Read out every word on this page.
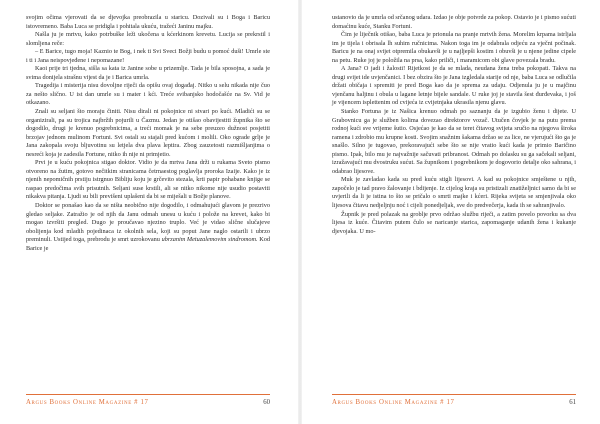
svojim očima vjerovati da se djevojka preobrazila u staricu. Dozivali su i Boga i Baricu istovremeno. Baba Luca se pridigla i pohitala ukuću, tražeći Janinu majku.

Našla ju je mrtvu, kako potrbuške leži ukočena u kćerkinom krevetu. Lucija se prekrstil i slomljena reče:

– E Barice, tugo moja! Kaznio te Bog, i nek ti Svi Sveci Božji budu u pomoć duši! Umrle ste i ti i Jana neispovjeđene i nepomazane!

Kaoi prije tri tjedna, sišla sa kata iz Janine sobe u prizemlje. Tada je bila sposojna, a sada je svima donijela strašnu vijest da je i Barica umrla.

Tragedija i misterija nisu dovoljne riječi da opišu ovaj događaj. Nitko u selu nikada nije čuo za nešto slično. U ist dan umrle su i mater i kći. Treće svibanjsko hodočašće na Sv. Vid je otkazano.

Znali su seljani što moraju činiti. Nisu dirali ni pokojnice ni stvari po kući. Mladići su se organizirali, pa su trojica najbržih pojurili u Čazmu. Jedan je otišao obavijestiti župnika što se dogodilo, drugi je krenuo pogrebnicima, a treći momak je na sebe preuzeo dužnost posjetiti brzojav jednom mulinom Fortuni. Svi ostali su stajali pred kućom i molili. Oko ograde grlje je Jana zakopala svoju bljuvotinu su letjela dva plava leptira. Zbog zauzetosti razmišljanjima o nesreći koja je zadesila Fortune, nitko ih nije ni primjetio.

Prvi je u kuću pokojnica stigao doktor. Vidio je da mrtva Jana drži u rukama Sveto pismo otvoreno na žutim, gotovo nečitkim stranicama četrnaestog poglavlja proroka Izaije. Kako je iz njenih nepomičnih prstiju istrgnuo Bibliju koju je grčevito stezala, krti papir pohabane knjige se raspao predočima svih prisutnih. Seljani suse krstili, ali se nitko nikome nije usudio postaviti nikakva pitanja. Ljudi su bili previšeni uplašeni da bi se miješali u Božje planove.

Doktor se ponašao kao da se ništa neobično nije dogodilo, i odmahujući glavom je prezrivo gledao seljake. Zatražio je od njih da Janu odmah unesu u kuću i polože na krevet, kako bi mogao izvršiti pregled. Dugo je proučavao njezino truplo. Već je vidao slične slučajeve obolijenja kod mladih pojedinaca iz okolnih sela, koji su poput Jane naglo ostarili i ubrzo preminuli. Ustijed toga, prebrodu je smrt uzrokovanu ubrzanim Metuzalemovim sindromom. Kod Barice je

Argus Books Online Magazine # 17	60

ustanovio da je umrla od srčanog udara. Izdao je obje potvrde za pokop. Ostavio je i pismo sućuti domaćinu kuće, Stanku Fortuni.

Čim je liječnik otišao, baba Luca je prionula na pranje mrtvih žena. Morelim krpama istrljala im je tijela i obrisala lh suhim ručnicima. Nakon toga im je odabrala odjeću za vječni počinak. Baricu je na onaj svijet otpremila obukavši je u najljepši kostim i obuvši je u njene jedine cipele na petu. Ruke joj je položila na prsa, kako priliči, i maramicom obi glave povezala bradu.

A Jana? O jadi i žalosti! Rijetkost je da se mlada, neudana žena treba pokopati. Takva na drugi svijet ide uvjenčanici. I bez obzira što je Jana izgledala starije od nje, baba Luca se odlučila držati običaja i spremiti je pred Boga kao da je sprema za udaju. Odjenula ju je u majčinu vjenčanu haljinu i obula u lagane letnje bijele sandale. U ruke joj je stavila šest đurđevaka, i još je vijencem isplettenim od cvijeća iz cvijetnjaka ukrasila njenu glavu.

Stanko Fortuna je iz Našica krenuo odmah po saznanju da je izgubio ženu i dijete. U Grabovnicu ga je služben kolima dovezao direktorov vozač. Utučen čovjek je na putu prema rodnoj kući sve vrijeme šutio. Osjećao je kao da se teret čitavog svijeta sručio na njegova široka ramena i zdrobio mu krupne kosti. Svojim snažnim šakama držao se za lice, ne vjerujući što ga je snašlo. Silno je tugovao, prekoravajući sebe što se nije vratio kući kada je primio Baričino pismo. Ipak, bilo mu je najvažnije sačuvati pribranost. Odmah po dolasku su ga sačekali seljani, izražavajući mu dvostruku sućut. Sa župnikom i pogrebnikom je dogovorio detalje oko sahrana, i odabrao lijesove.

Muk je zavladao kada su pred kuću stigli lijesovi. A kad su pokojnice smještene u njih, započelo je tad pravo žalovanje i bdijenje. Iz cijelog kraja su pristizali znatiželjnici samo da bi se uvjerili da li je istina to što se pričalo o smrti majke i kćeri. Rijeka svijeta se smjenjivala oko lijesova čitavu nedjeljnju noć i cijeli ponedjeljak, sve do predvečerja, kada ih se sahranjivalo.

Župnik je pred polazak na groblje prvo održao službu riječi, a zatim povelo povorku sa dva lijesa iz kuće. Čitavim putem čulo se naricanje starica, zapomaganje udanih žena i kukanje djevojaka. U mo-

Argus Books Online Magazine # 17	61
